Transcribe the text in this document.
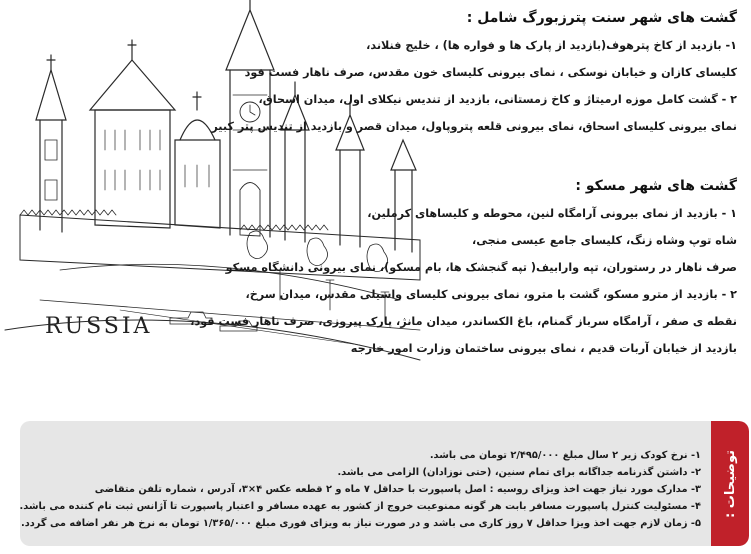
RUSSIA
گشت های شهر سنت پترزبورگ شامل :

۱- بازدید از کاخ پترهوف(بازدید از پارک ها و فواره ها) ، خلیج فنلاند،

کلیسای کازان و خیابان نوسکی ، نمای بیرونی کلیسای خون مقدس، صرف ناهار فست فود

۲ - گشت کامل موزه ارمیتاژ و کاخ زمستانی، بازدید از تندیس نیکلای اول، میدان اسحاق،

نمای بیرونی کلیسای اسحاق، نمای بیرونی قلعه پتروپاول، میدان قصر و بازدید از تندیس پتر کبیر

گشت های شهر مسکو :

۱ - بازدید از نمای بیرونی آرامگاه لنین، محوطه و کلیساهای کرملین،

شاه توپ وشاه زنگ، کلیسای جامع عیسی منجی،

صرف ناهار در رستوران، تپه وارابیف( تپه گنجشک ها، بام مسکو)، نمای بیرونی دانشگاه مسکو

۲ - بازدید از مترو مسکو، گشت با مترو، نمای بیرونی کلیسای واسیلی مقدس، میدان سرخ،

نقطه ی صفر ، آرامگاه سرباز گمنام، باغ الکساندر، میدان مانژ، پارک پیروزی، صرف ناهار فست فود،

بازدید از خیابان آربات قدیم ، نمای بیرونی ساختمان وزارت امور خارجه

توضیحات :

۱- نرخ کودک زیر ۲ سال مبلغ ۲/۴۹۵/۰۰۰ تومان می باشد.

۲- داشتن گذرنامه جداگانه برای تمام سنین، (حتی نوزادان) الزامی می باشد.

۳- مدارک مورد نیاز جهت اخذ ویزای روسیه : اصل پاسپورت با حداقل ۷ ماه و ۲ قطعه عکس ۴×۳، آدرس ، شماره تلفن متقاضی

۴- مسئولیت کنترل پاسپورت مسافر بابت هر گونه ممنوعیت خروج از کشور به عهده مسافر و اعتبار پاسپورت تا آژانس ثبت نام کننده می باشد.

۵- زمان لازم جهت اخذ ویزا حداقل ۷ روز کاری می باشد و در صورت نیاز به ویزای فوری مبلغ ۱/۳۶۵/۰۰۰ تومان به نرخ هر نفر اضافه می گردد.
